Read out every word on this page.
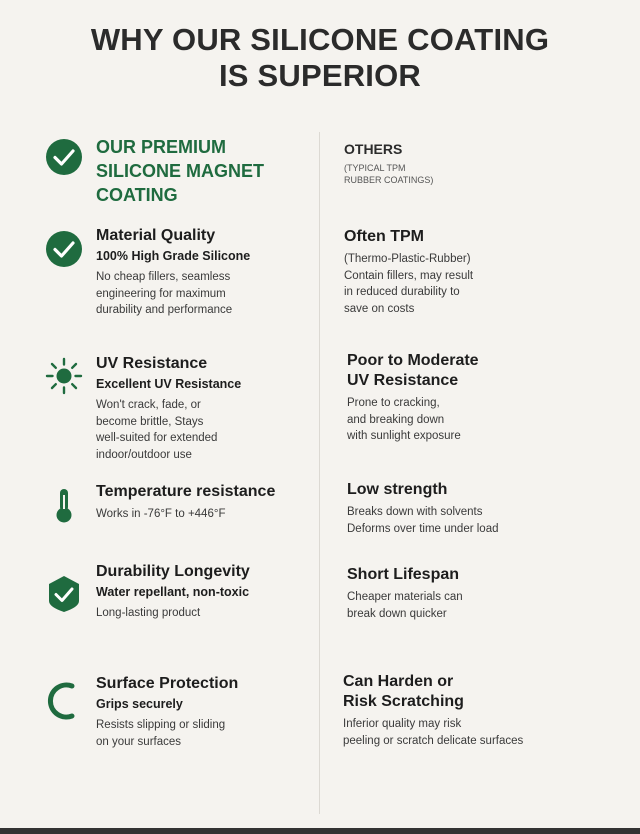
WHY OUR SILICONE COATING
IS SUPERIOR
OUR PREMIUM
SILICONE MAGNET
COATING
OTHERS
(TYPICAL TPM
RUBBER COATINGS)
Material Quality
100% High Grade Silicone
No cheap fillers, seamless
engineering for maximum
durability and performance
Often TPM
(Thermo-Plastic-Rubber)
Contain fillers, may result
in reduced durability to
save on costs
UV Resistance
Excellent UV Resistance
Won't crack, fade, or
become brittle, Stays
well-suited for extended
indoor/outdoor use
Poor to Moderate
UV Resistance
Prone to cracking,
and breaking down
with sunlight exposure
Temperature resistance
Works in -76°F to +446°F
Low strength
Breaks down with solvents
Deforms over time under load
Durability Longevity
Water repellant, non-toxic
Long-lasting product
Short Lifespan
Cheaper materials can
break down quicker
Surface Protection
Grips securely
Resists slipping or sliding
on your surfaces
Can Harden or
Risk Scratching
Inferior quality may risk
peeling or scratch delicate surfaces
